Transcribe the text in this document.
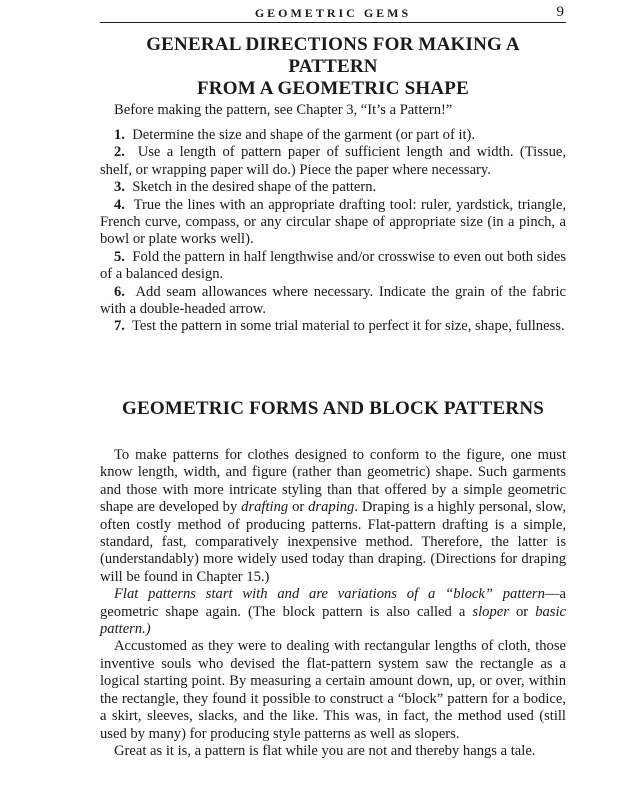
GEOMETRIC GEMS	9
GENERAL DIRECTIONS FOR MAKING A PATTERN
FROM A GEOMETRIC SHAPE

Before making the pattern, see Chapter 3, “It’s a Pattern!”

1. Determine the size and shape of the garment (or part of it).

2. Use a length of pattern paper of sufficient length and width. (Tissue, shelf, or wrapping paper will do.) Piece the paper where necessary.

3. Sketch in the desired shape of the pattern.

4. True the lines with an appropriate drafting tool: ruler, yardstick, triangle, French curve, compass, or any circular shape of appropriate size (in a pinch, a bowl or plate works well).

5. Fold the pattern in half lengthwise and/or crosswise to even out both sides of a balanced design.

6. Add seam allowances where necessary. Indicate the grain of the fabric with a double-headed arrow.

7. Test the pattern in some trial material to perfect it for size, shape, fullness.

GEOMETRIC FORMS AND BLOCK PATTERNS

To make patterns for clothes designed to conform to the figure, one must know length, width, and figure (rather than geometric) shape. Such garments and those with more intricate styling than that offered by a simple geometric shape are developed by drafting or draping. Draping is a highly personal, slow, often costly method of producing patterns. Flat-pattern drafting is a simple, standard, fast, comparatively inexpensive method. Therefore, the latter is (understandably) more widely used today than draping. (Directions for draping will be found in Chapter 15.)

Flat patterns start with and are variations of a “block” pattern—a geometric shape again. (The block pattern is also called a sloper or basic pattern.)

Accustomed as they were to dealing with rectangular lengths of cloth, those inventive souls who devised the flat-pattern system saw the rectangle as a logical starting point. By measuring a certain amount down, up, or over, within the rectangle, they found it possible to construct a “block” pattern for a bodice, a skirt, sleeves, slacks, and the like. This was, in fact, the method used (still used by many) for producing style patterns as well as slopers.

Great as it is, a pattern is flat while you are not and thereby hangs a tale.
